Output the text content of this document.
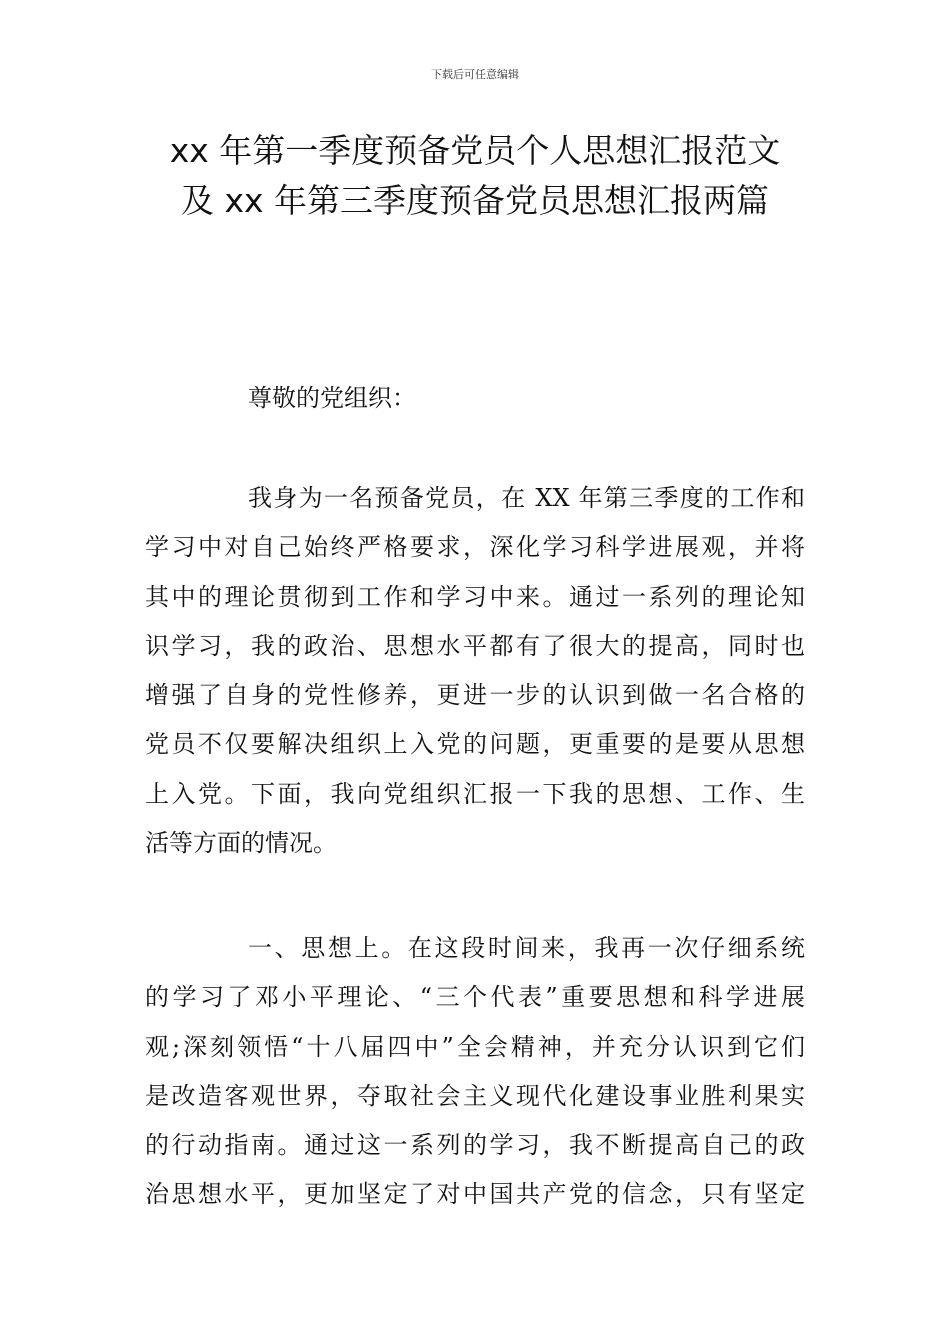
下载后可任意编辑
xx 年第一季度预备党员个人思想汇报范文
及 xx 年第三季度预备党员思想汇报两篇
尊敬的党组织：
我身为一名预备党员，在 XX 年第三季度的工作和
学习中对自己始终严格要求，深化学习科学进展观，并将
其中的理论贯彻到工作和学习中来。通过一系列的理论知
识学习，我的政治、思想水平都有了很大的提高，同时也
增强了自身的党性修养，更进一步的认识到做一名合格的
党员不仅要解决组织上入党的问题，更重要的是要从思想
上入党。下面，我向党组织汇报一下我的思想、工作、生
活等方面的情况。
一、思想上。在这段时间来，我再一次仔细系统
的学习了邓小平理论、“三个代表”重要思想和科学进展
观;深刻领悟“十八届四中”全会精神，并充分认识到它们
是改造客观世界，夺取社会主义现代化建设事业胜利果实
的行动指南。通过这一系列的学习，我不断提高自己的政
治思想水平，更加坚定了对中国共产党的信念，只有坚定
